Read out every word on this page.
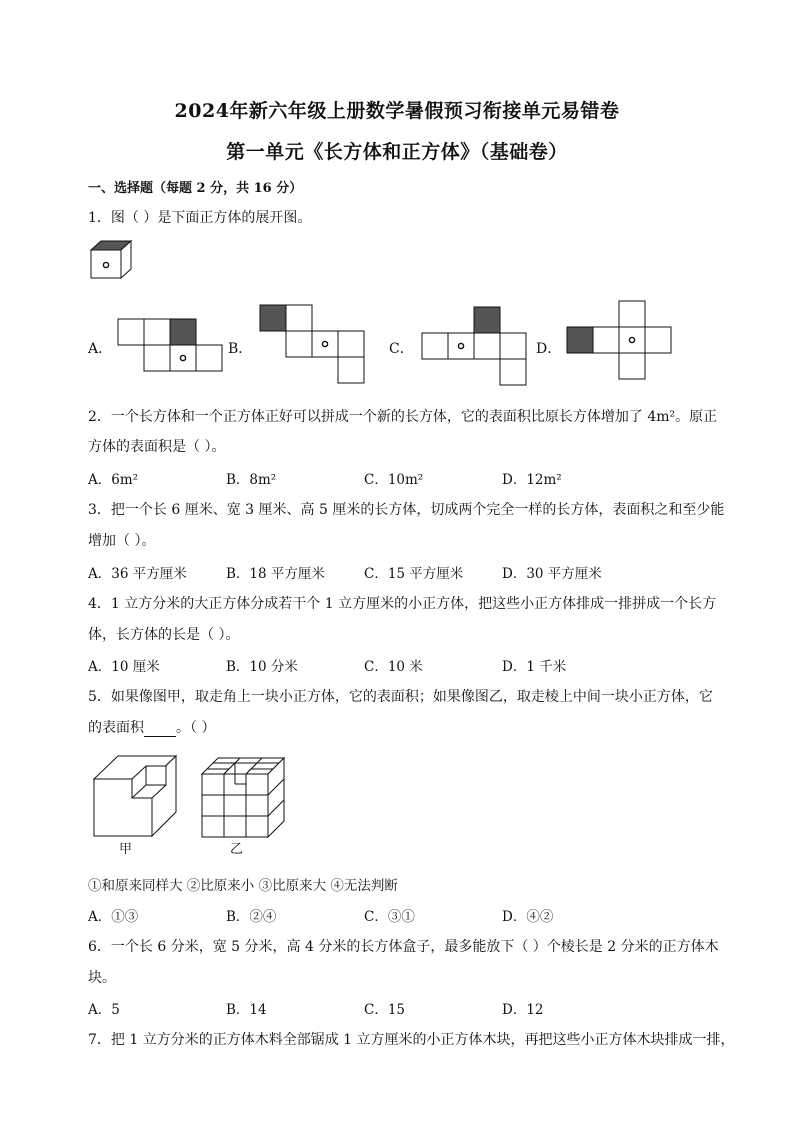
2024年新六年级上册数学暑假预习衔接单元易错卷
第一单元《长方体和正方体》（基础卷）
一、选择题（每题 2 分，共 16 分）
1．图（ ）是下面正方体的展开图。
A．	B．	C．	D．
2．一个长方体和一个正方体正好可以拼成一个新的长方体，它的表面积比原长方体增加了 4m²。原正
方体的表面积是（ ）。
A．6m²	B．8m²	C．10m²	D．12m²
3．把一个长 6 厘米、宽 3 厘米、高 5 厘米的长方体，切成两个完全一样的长方体，表面积之和至少能
增加（ ）。
A．36 平方厘米	B．18 平方厘米	C．15 平方厘米	D．30 平方厘米
4．1 立方分米的大正方体分成若干个 1 立方厘米的小正方体，把这些小正方体排成一排拼成一个长方
体，长方体的长是（ ）。
A．10 厘米	B．10 分米	C．10 米	D．1 千米
5．如果像图甲，取走角上一块小正方体，它的表面积；如果像图乙，取走棱上中间一块小正方体，它
的表面积 。（ ）
甲	乙
①和原来同样大 ②比原来小 ③比原来大 ④无法判断
A．①③	B．②④	C．③①	D．④②
6．一个长 6 分米，宽 5 分米，高 4 分米的长方体盒子，最多能放下（ ）个棱长是 2 分米的正方体木
块。
A．5	B．14	C．15	D．12
7．把 1 立方分米的正方体木料全部锯成 1 立方厘米的小正方体木块，再把这些小正方体木块排成一排，
